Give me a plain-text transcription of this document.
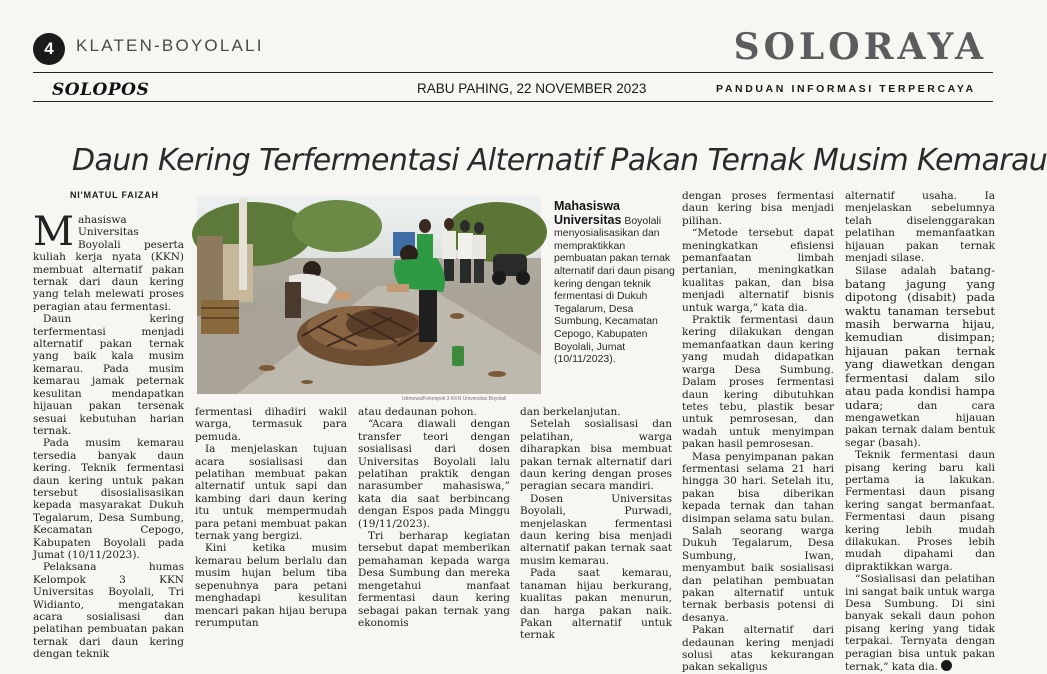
4	KLATEN-BOYOLALI	SOLORAYA
SOLOPOS	RABU PAHING, 22 NOVEMBER 2023	PANDUAN INFORMASI TERPERCAYA
Daun Kering Terfermentasi Alternatif Pakan Ternak Musim Kemarau
NI'MATUL FAIZAH

Mahasiswa Universitas Boyolali peserta kuliah kerja nyata (KKN) membuat alternatif pakan ternak dari daun kering yang telah melewati proses peragian atau fermentasi.

Daun kering terfermentasi menjadi alternatif pakan ternak yang baik kala musim kemarau. Pada musim kemarau jamak peternak kesulitan mendapatkan hijauan pakan tersenak sesuai kebutuhan harian ternak.

Pada musim kemarau tersedia banyak daun kering. Teknik fermentasi daun kering untuk pakan tersebut disosialisasikan kepada masyarakat Dukuh Tegalarum, Desa Sumbung, Kecamatan Cepogo, Kabupaten Boyolali pada Jumat (10/11/2023).

Pelaksana humas Kelompok 3 KKN Universitas Boyolali, Tri Widianto, mengatakan acara sosialisasi dan pelatihan pembuatan pakan ternak dari daun kering dengan teknik

Istimewa/Kelompok 3 KKN Universitas Boyolali
Mahasiswa Universitas Boyolali menyosialisasikan dan mempraktikkan pembuatan pakan ternak alternatif dari daun pisang kering dengan teknik fermentasi di Dukuh Tegalarum, Desa Sumbung, Kecamatan Cepogo, Kabupaten Boyolali, Jumat (10/11/2023).

fermentasi dihadiri wakil warga, termasuk para pemuda.

Ia menjelaskan tujuan acara sosialisasi dan pelatihan membuat pakan alternatif untuk sapi dan kambing dari daun kering itu untuk mempermudah para petani membuat pakan ternak yang bergizi.

Kini ketika musim kemarau belum berlalu dan musim hujan belum tiba sepenuhnya para petani menghadapi kesulitan mencari pakan hijau berupa rerumputan

atau dedaunan pohon.

“Acara diawali dengan transfer teori dengan sosialisasi dari dosen Universitas Boyolali lalu pelatihan praktik dengan narasumber mahasiswa,” kata dia saat berbincang dengan Espos pada Minggu (19/11/2023).

Tri berharap kegiatan tersebut dapat memberikan pemahaman kepada warga Desa Sumbung dan mereka mengetahui manfaat fermentasi daun kering sebagai pakan ternak yang ekonomis

dan berkelanjutan.

Setelah sosialisasi dan pelatihan, warga diharapkan bisa membuat pakan ternak alternatif dari daun kering dengan proses peragian secara mandiri.

Dosen Universitas Boyolali, Purwadi, menjelaskan fermentasi daun kering bisa menjadi alternatif pakan ternak saat musim kemarau.

Pada saat kemarau, tanaman hijau berkurang, kualitas pakan menurun, dan harga pakan naik. Pakan alternatif untuk ternak

dengan proses fermentasi daun kering bisa menjadi pilihan.

“Metode tersebut dapat meningkatkan efisiensi pemanfaatan limbah pertanian, meningkatkan kualitas pakan, dan bisa menjadi alternatif bisnis untuk warga,” kata dia.

Praktik fermentasi daun kering dilakukan dengan memanfaatkan daun kering yang mudah didapatkan warga Desa Sumbung. Dalam proses fermentasi daun kering dibutuhkan tetes tebu, plastik besar untuk pemrosesan, dan wadah untuk menyimpan pakan hasil pemrosesan.

Masa penyimpanan pakan fermentasi selama 21 hari hingga 30 hari. Setelah itu, pakan bisa diberikan kepada ternak dan tahan disimpan selama satu bulan.

Salah seorang warga Dukuh Tegalarum, Desa Sumbung, Iwan, menyambut baik sosialisasi dan pelatihan pembuatan pakan alternatif untuk ternak berbasis potensi di desanya.

Pakan alternatif dari dedaunan kering menjadi solusi atas kekurangan pakan sekaligus

alternatif usaha. Ia menjelaskan sebelumnya telah diselenggarakan pelatihan memanfaatkan hijauan pakan ternak menjadi silase.

Silase adalah batang-batang jagung yang dipotong (disabit) pada waktu tanaman tersebut masih berwarna hijau, kemudian disimpan; hijauan pakan ternak yang diawetkan dengan fermentasi dalam silo atau pada kondisi hampa udara;	dan cara mengawetkan hijauan pakan ternak dalam bentuk segar (basah).

Teknik fermentasi daun pisang kering baru kali pertama ia lakukan. Fermentasi daun pisang kering sangat bermanfaat. Fermentasi daun pisang kering lebih mudah dilakukan. Proses lebih mudah dipahami dan dipraktikkan warga.

“Sosialisasi dan pelatihan ini sangat baik untuk warga Desa Sumbung. Di sini banyak sekali daun pohon pisang kering yang tidak terpakai. Ternyata dengan peragian bisa untuk pakan ternak,” kata dia.
